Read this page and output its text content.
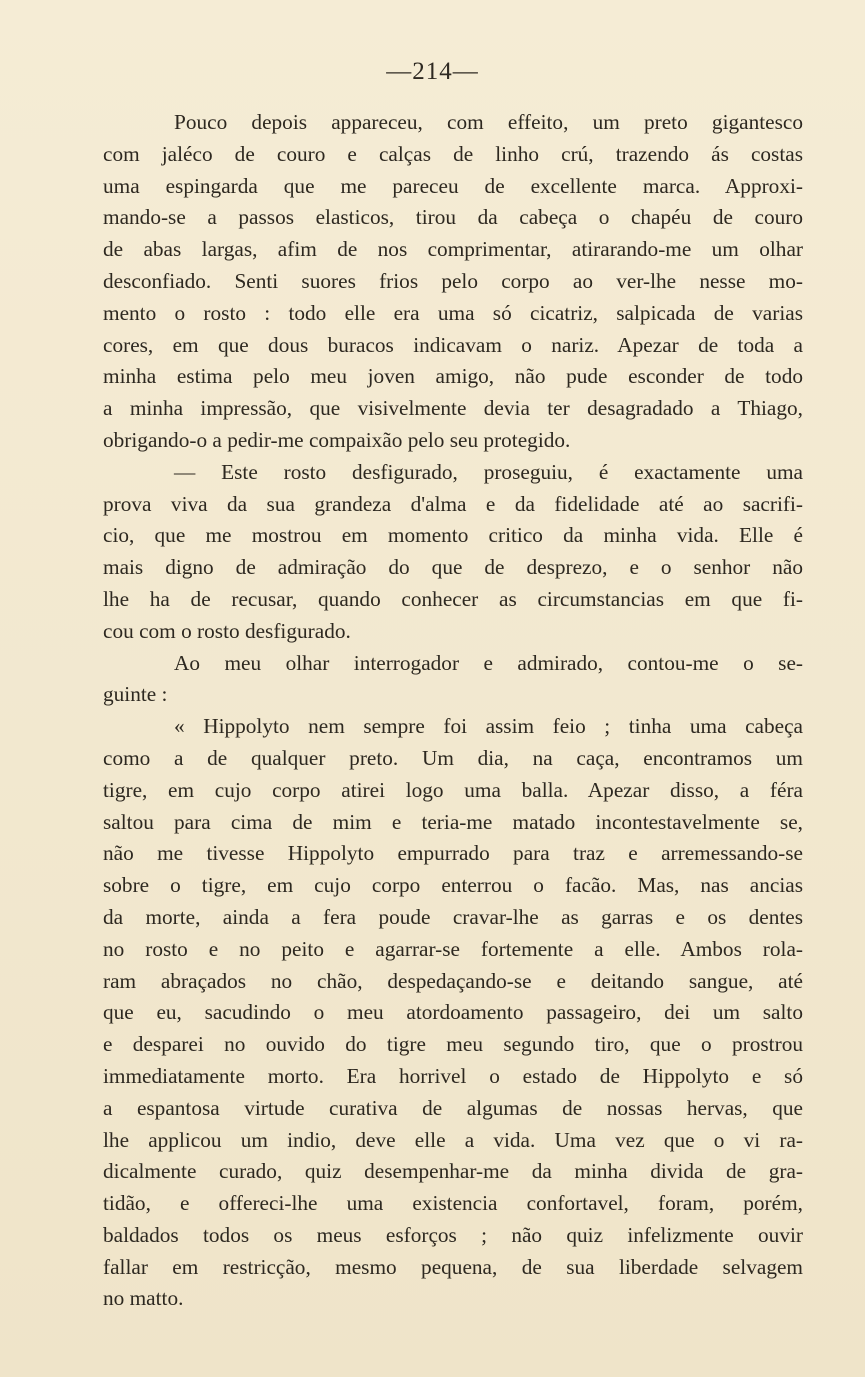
—214—
Pouco depois appareceu, com effeito, um preto gigantesco
com jaléco de couro e calças de linho crú, trazendo ás costas
uma espingarda que me pareceu de excellente marca. Approxi-
mando-se a passos elasticos, tirou da cabeça o chapéu de couro
de abas largas, afim de nos comprimentar, atirarando-me um olhar
desconfiado. Senti suores frios pelo corpo ao ver-lhe nesse mo-
mento o rosto : todo elle era uma só cicatriz, salpicada de varias
cores, em que dous buracos indicavam o nariz. Apezar de toda a
minha estima pelo meu joven amigo, não pude esconder de todo
a minha impressão, que visivelmente devia ter desagradado a Thiago,
obrigando-o a pedir-me compaixão pelo seu protegido.
— Este rosto desfigurado, proseguiu, é exactamente uma
prova viva da sua grandeza d'alma e da fidelidade até ao sacrifi-
cio, que me mostrou em momento critico da minha vida. Elle é
mais digno de admiração do que de desprezo, e o senhor não
lhe ha de recusar, quando conhecer as circumstancias em que fi-
cou com o rosto desfigurado.
Ao meu olhar interrogador e admirado, contou-me o se-
guinte :
« Hippolyto nem sempre foi assim feio ; tinha uma cabeça
como a de qualquer preto. Um dia, na caça, encontramos um
tigre, em cujo corpo atirei logo uma balla. Apezar disso, a féra
saltou para cima de mim e teria-me matado incontestavelmente se,
não me tivesse Hippolyto empurrado para traz e arremessando-se
sobre o tigre, em cujo corpo enterrou o facão. Mas, nas ancias
da morte, ainda a fera poude cravar-lhe as garras e os dentes
no rosto e no peito e agarrar-se fortemente a elle. Ambos rola-
ram abraçados no chão, despedaçando-se e deitando sangue, até
que eu, sacudindo o meu atordoamento passageiro, dei um salto
e desparei no ouvido do tigre meu segundo tiro, que o prostrou
immediatamente morto. Era horrivel o estado de Hippolyto e só
a espantosa virtude curativa de algumas de nossas hervas, que
lhe applicou um indio, deve elle a vida. Uma vez que o vi ra-
dicalmente curado, quiz desempenhar-me da minha divida de gra-
tidão, e offereci-lhe uma existencia confortavel, foram, porém,
baldados todos os meus esforços ; não quiz infelizmente ouvir
fallar em restricção, mesmo pequena, de sua liberdade selvagem
no matto.
